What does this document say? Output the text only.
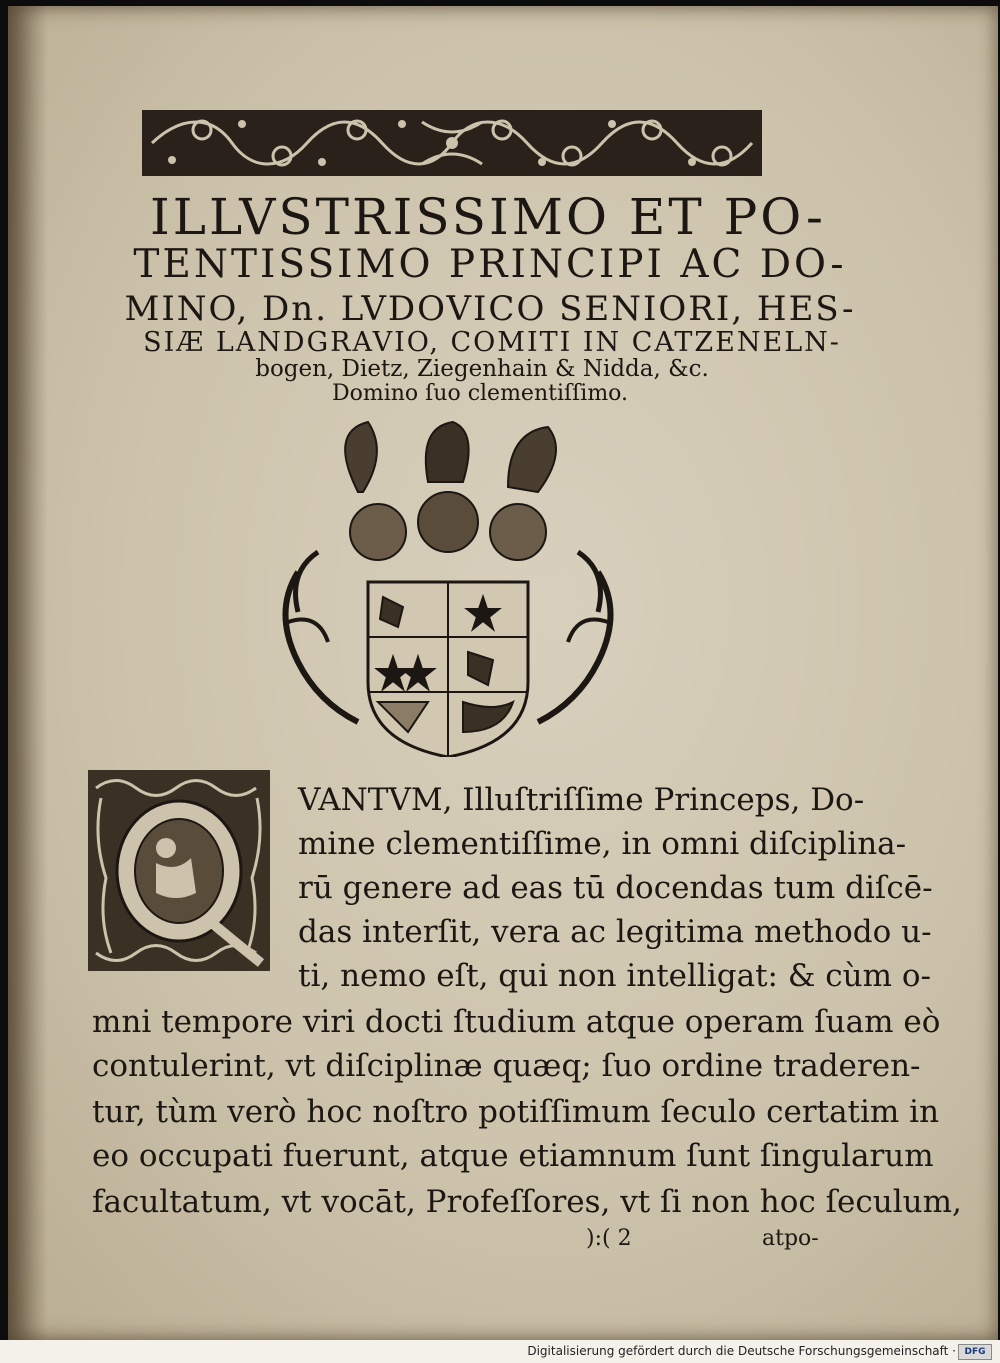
ILLVSTRISSIMO ET PO-
TENTISSIMO PRINCIPI AC DO-
MINO, Dn. LVDOVICO SENIORI, HES-
SIÆ LANDGRAVIO, COMITI IN CATZENELN-
bogen, Dietz, Ziegenhain & Nidda, &c.
Domino ſuo clementiſſimo.
VANTVM, Illuſtriſſime Princeps, Do-
mine clementiſſime, in omni diſciplina-
rū genere ad eas tū docendas tum diſcē-
das interſit, vera ac legitima methodo u-
ti, nemo eſt, qui non intelligat: & cùm o-
mni tempore viri docti ſtudium atque operam ſuam eò
contulerint, vt diſciplinæ quæq; ſuo ordine traderen-
tur, tùm verò hoc noſtro potiſſimum ſeculo certatim in
eo occupati fuerunt, atque etiamnum ſunt ſingularum
facultatum, vt vocāt, Profeſſores, vt ſi non hoc ſeculum,
):( 2	atpo-
Digitalisierung gefördert durch die Deutsche Forschungsgemeinschaft · DFG
